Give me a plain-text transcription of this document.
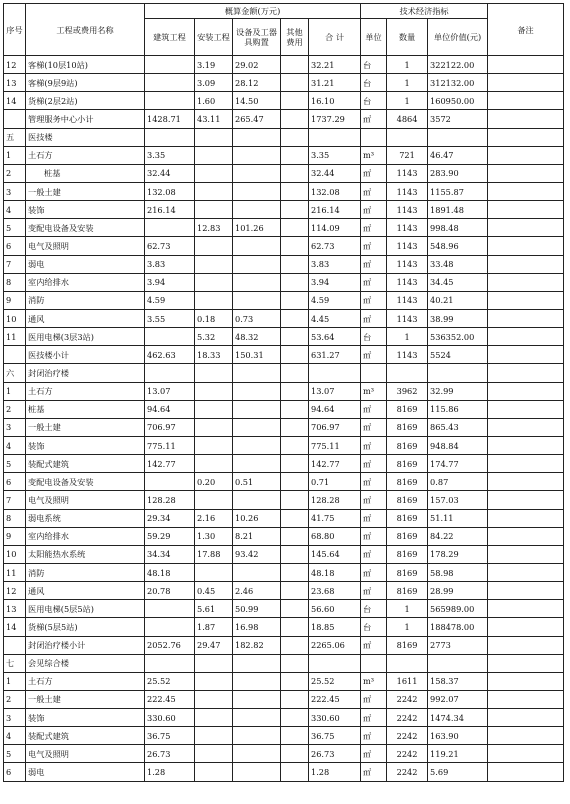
序号	工程或费用名称	概算金额(万元)					技术经济指标			备注
		建筑工程	安装工程	设备及工器具购置	其他费用	合 计	单位	数量	单位价值(元)	
12	客梯(10层10站)		3.19	29.02		32.21	台	1	322122.00	
13	客梯(9层9站)		3.09	28.12		31.21	台	1	312132.00	
14	货梯(2层2站)		1.60	14.50		16.10	台	1	160950.00	
	管理服务中心小计	1428.71	43.11	265.47		1737.29	㎡	4864	3572	
五	医技楼									
1	土石方	3.35				3.35	m³	721	46.47	
2	桩基	32.44				32.44	㎡	1143	283.90	
3	一般土建	132.08				132.08	㎡	1143	1155.87	
4	装饰	216.14				216.14	㎡	1143	1891.48	
5	变配电设备及安装		12.83	101.26		114.09	㎡	1143	998.48	
6	电气及照明	62.73				62.73	㎡	1143	548.96	
7	弱电	3.83				3.83	㎡	1143	33.48	
8	室内给排水	3.94				3.94	㎡	1143	34.45	
9	消防	4.59				4.59	㎡	1143	40.21	
10	通风	3.55	0.18	0.73		4.45	㎡	1143	38.99	
11	医用电梯(3层3站)		5.32	48.32		53.64	台	1	536352.00	
	医技楼小计	462.63	18.33	150.31		631.27	㎡	1143	5524	
六	封闭治疗楼									
1	土石方	13.07				13.07	m³	3962	32.99	
2	桩基	94.64				94.64	㎡	8169	115.86	
3	一般土建	706.97				706.97	㎡	8169	865.43	
4	装饰	775.11				775.11	㎡	8169	948.84	
5	装配式建筑	142.77				142.77	㎡	8169	174.77	
6	变配电设备及安装		0.20	0.51		0.71	㎡	8169	0.87	
7	电气及照明	128.28				128.28	㎡	8169	157.03	
8	弱电系统	29.34	2.16	10.26		41.75	㎡	8169	51.11	
9	室内给排水	59.29	1.30	8.21		68.80	㎡	8169	84.22	
10	太阳能热水系统	34.34	17.88	93.42		145.64	㎡	8169	178.29	
11	消防	48.18				48.18	㎡	8169	58.98	
12	通风	20.78	0.45	2.46		23.68	㎡	8169	28.99	
13	医用电梯(5层5站)		5.61	50.99		56.60	台	1	565989.00	
14	货梯(5层5站)		1.87	16.98		18.85	台	1	188478.00	
	封闭治疗楼小计	2052.76	29.47	182.82		2265.06	㎡	8169	2773	
七	会见综合楼									
1	土石方	25.52				25.52	m³	1611	158.37	
2	一般土建	222.45				222.45	㎡	2242	992.07	
3	装饰	330.60				330.60	㎡	2242	1474.34	
4	装配式建筑	36.75				36.75	㎡	2242	163.90	
5	电气及照明	26.73				26.73	㎡	2242	119.21	
6	弱电	1.28				1.28	㎡	2242	5.69	
